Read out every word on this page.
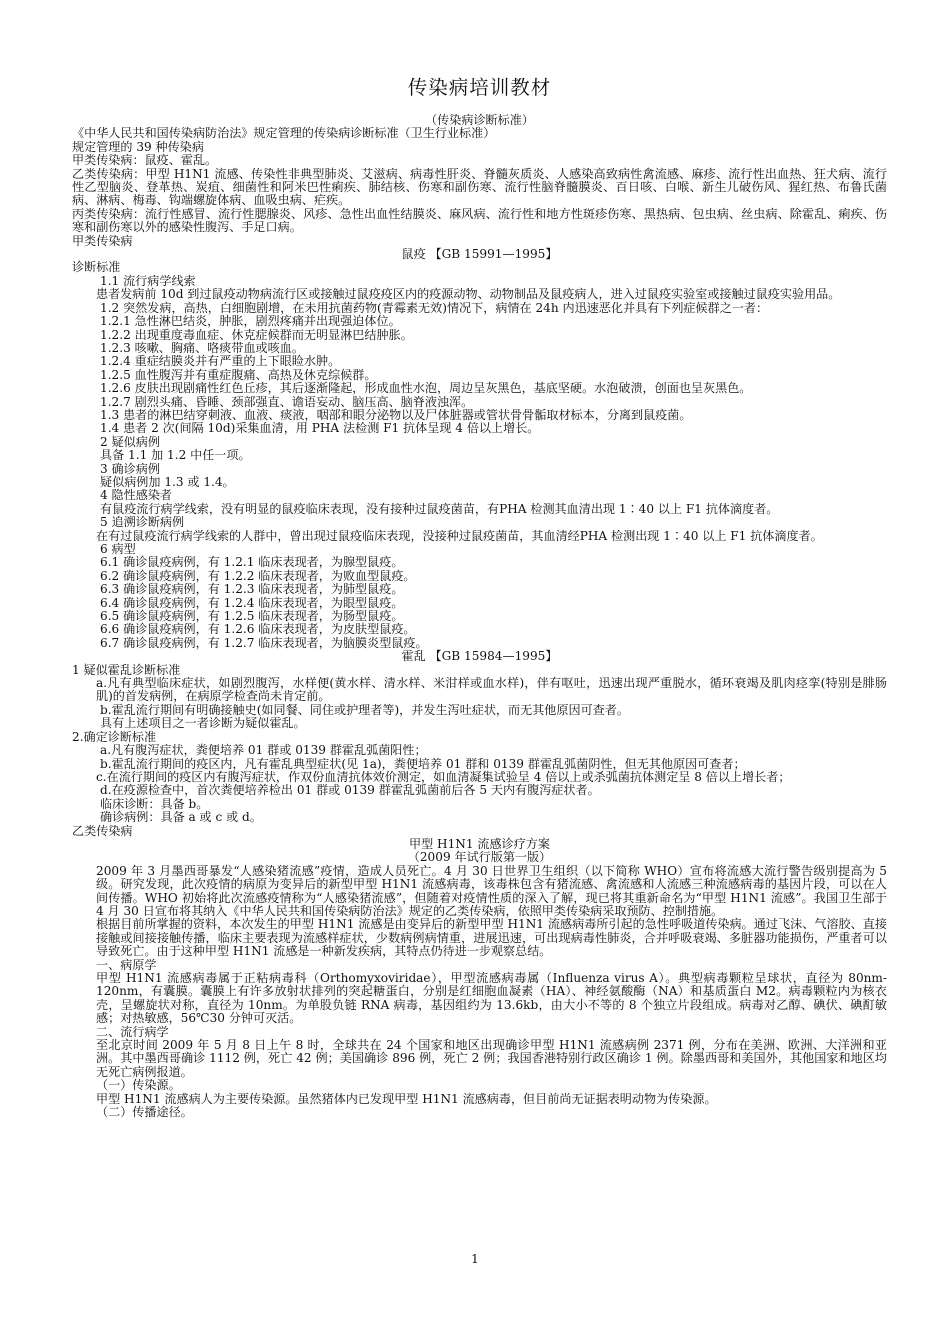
传染病培训教材
（传染病诊断标准）
《中华人民共和国传染病防治法》规定管理的传染病诊断标准（卫生行业标准）
规定管理的 39 种传染病
甲类传染病：鼠疫、霍乱。
乙类传染病：甲型 H1N1 流感、传染性非典型肺炎、艾滋病、病毒性肝炎、脊髓灰质炎、人感染高致病性禽流感、麻疹、流行性出血热、狂犬病、流行性乙型脑炎、登革热、炭疽、细菌性和阿米巴性痢疾、肺结核、伤寒和副伤寒、流行性脑脊髓膜炎、百日咳、白喉、新生儿破伤风、猩红热、布鲁氏菌病、淋病、梅毒、钩端螺旋体病、血吸虫病、疟疾。
丙类传染病：流行性感冒、流行性腮腺炎、风疹、急性出血性结膜炎、麻风病、流行性和地方性斑疹伤寒、黑热病、包虫病、丝虫病、除霍乱、痢疾、伤寒和副伤寒以外的感染性腹泻、手足口病。
甲类传染病
鼠疫 【GB 15991—1995】
诊断标准
1.1 流行病学线索
患者发病前 10d 到过鼠疫动物病流行区或接触过鼠疫疫区内的疫源动物、动物制品及鼠疫病人，进入过鼠疫实验室或接触过鼠疫实验用品。
1.2 突然发病，高热，白细胞剧增，在未用抗菌药物(青霉素无效)情况下，病情在 24h 内迅速恶化并具有下列症候群之一者：
1.2.1 急性淋巴结炎，肿胀，剧烈疼痛并出现强迫体位。
1.2.2 出现重度毒血症、休克症候群而无明显淋巴结肿胀。
1.2.3 咳嗽、胸痛、咯痰带血或咳血。
1.2.4 重症结膜炎并有严重的上下眼睑水肿。
1.2.5 血性腹泻并有重症腹痛、高热及休克综候群。
1.2.6 皮肤出现剧痛性红色丘疹，其后逐渐隆起，形成血性水泡，周边呈灰黑色，基底坚硬。水泡破溃，创面也呈灰黑色。
1.2.7 剧烈头痛、昏睡、颈部强直、谵语妄动、脑压高、脑脊液浊浑。
1.3 患者的淋巴结穿刺液、血液、痰液，咽部和眼分泌物以及尸体脏器或管状骨骨骺取材标本，分离到鼠疫菌。
1.4 患者 2 次(间隔 10d)采集血清，用 PHA 法检测 F1 抗体呈现 4 倍以上增长。
2 疑似病例
具备 1.1 加 1.2 中任一项。
3 确诊病例
疑似病例加 1.3 或 1.4。
4 隐性感染者
有鼠疫流行病学线索，没有明显的鼠疫临床表现，没有接种过鼠疫菌苗，有PHA 检测其血清出现 1∶40 以上 F1 抗体滴度者。
5 追溯诊断病例
在有过鼠疫流行病学线索的人群中，曾出现过鼠疫临床表现，没接种过鼠疫菌苗，其血清经PHA 检测出现 1∶40 以上 F1 抗体滴度者。
6 病型
6.1 确诊鼠疫病例，有 1.2.1 临床表现者，为腺型鼠疫。
6.2 确诊鼠疫病例，有 1.2.2 临床表现者，为败血型鼠疫。
6.3 确诊鼠疫病例，有 1.2.3 临床表现者，为肺型鼠疫。
6.4 确诊鼠疫病例，有 1.2.4 临床表现者，为眼型鼠疫。
6.5 确诊鼠疫病例，有 1.2.5 临床表现者，为肠型鼠疫。
6.6 确诊鼠疫病例，有 1.2.6 临床表现者，为皮肤型鼠疫。
6.7 确诊鼠疫病例，有 1.2.7 临床表现者，为脑膜炎型鼠疫。
霍乱 【GB 15984—1995】
1 疑似霍乱诊断标准
a.凡有典型临床症状，如剧烈腹泻，水样便(黄水样、清水样、米泔样或血水样)，伴有呕吐，迅速出现严重脱水，循环衰竭及肌肉痉挛(特别是腓肠肌)的首发病例，在病原学检查尚未肯定前。
b.霍乱流行期间有明确接触史(如同餐、同住或护理者等)，并发生泻吐症状，而无其他原因可查者。
具有上述项目之一者诊断为疑似霍乱。
2.确定诊断标准
a.凡有腹泻症状，粪便培养 01 群或 0139 群霍乱弧菌阳性；
b.霍乱流行期间的疫区内，凡有霍乱典型症状(见 1a)，粪便培养 01 群和 0139 群霍乱弧菌阴性，但无其他原因可查者；
c.在流行期间的疫区内有腹泻症状，作双份血清抗体效价测定，如血清凝集试验呈 4 倍以上或杀弧菌抗体测定呈 8 倍以上增长者；
d.在疫源检查中，首次粪便培养检出 01 群或 0139 群霍乱弧菌前后各 5 天内有腹泻症状者。
临床诊断：具备 b。
确诊病例：具备 a 或 c 或 d。
乙类传染病
甲型 H1N1 流感诊疗方案
（2009 年试行版第一版）
2009 年 3 月墨西哥暴发“人感染猪流感”疫情，造成人员死亡。4 月 30 日世界卫生组织（以下简称 WHO）宣布将流感大流行警告级别提高为 5 级。研究发现，此次疫情的病原为变异后的新型甲型 H1N1 流感病毒，该毒株包含有猪流感、禽流感和人流感三种流感病毒的基因片段，可以在人间传播。WHO 初始将此次流感疫情称为“人感染猪流感”，但随着对疫情性质的深入了解，现已将其重新命名为“甲型 H1N1 流感”。我国卫生部于 4 月 30 日宣布将其纳入《中华人民共和国传染病防治法》规定的乙类传染病，依照甲类传染病采取预防、控制措施。
根据目前所掌握的资料，本次发生的甲型 H1N1 流感是由变异后的新型甲型 H1N1 流感病毒所引起的急性呼吸道传染病。通过飞沫、气溶胶、直接接触或间接接触传播，临床主要表现为流感样症状，少数病例病情重，进展迅速，可出现病毒性肺炎，合并呼吸衰竭、多脏器功能损伤，严重者可以导致死亡。由于这种甲型 H1N1 流感是一种新发疾病，其特点仍待进一步观察总结。
一、病原学
甲型 H1N1 流感病毒属于正粘病毒科（Orthomyxoviridae），甲型流感病毒属（Influenza virus A）。典型病毒颗粒呈球状，直径为 80nm-120nm，有囊膜。囊膜上有许多放射状排列的突起糖蛋白，分别是红细胞血凝素（HA）、神经氨酸酶（NA）和基质蛋白 M2。病毒颗粒内为核衣壳，呈螺旋状对称，直径为 10nm。为单股负链 RNA 病毒，基因组约为 13.6kb，由大小不等的 8 个独立片段组成。病毒对乙醇、碘伏、碘酊敏感；对热敏感，56℃30 分钟可灭活。
二、流行病学
至北京时间 2009 年 5 月 8 日上午 8 时，全球共在 24 个国家和地区出现确诊甲型 H1N1 流感病例 2371 例，分布在美洲、欧洲、大洋洲和亚洲。其中墨西哥确诊 1112 例，死亡 42 例；美国确诊 896 例，死亡 2 例；我国香港特别行政区确诊 1 例。除墨西哥和美国外，其他国家和地区均无死亡病例报道。
（一）传染源。
甲型 H1N1 流感病人为主要传染源。虽然猪体内已发现甲型 H1N1 流感病毒，但目前尚无证据表明动物为传染源。
（二）传播途径。
1
